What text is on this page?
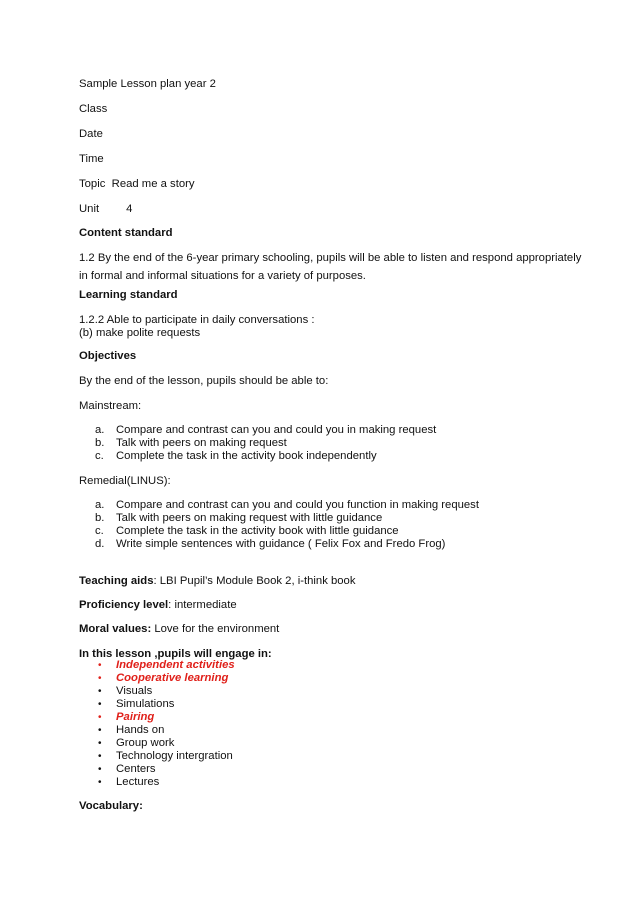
Sample Lesson plan year 2
Class
Date
Time
Topic Read me a story
Unit 4
Content standard
1.2 By the end of the 6-year primary schooling, pupils will be able to listen and respond appropriately
in formal and informal situations for a variety of purposes.
Learning standard
1.2.2 Able to participate in daily conversations :
(b) make polite requests
Objectives
By the end of the lesson, pupils should be able to:
Mainstream:
a. Compare and contrast can you and could you in making request
b. Talk with peers on making request
c. Complete the task in the activity book independently
Remedial(LINUS):
a. Compare and contrast can you and could you function in making request
b. Talk with peers on making request with little guidance
c. Complete the task in the activity book with little guidance
d. Write simple sentences with guidance ( Felix Fox and Fredo Frog)
Teaching aids: LBI Pupil’s Module Book 2, i-think book
Proficiency level: intermediate
Moral values: Love for the environment
In this lesson ,pupils will engage in:
• Independent activities
• Cooperative learning
• Visuals
• Simulations
• Pairing
• Hands on
• Group work
• Technology intergration
• Centers
• Lectures
Vocabulary:
